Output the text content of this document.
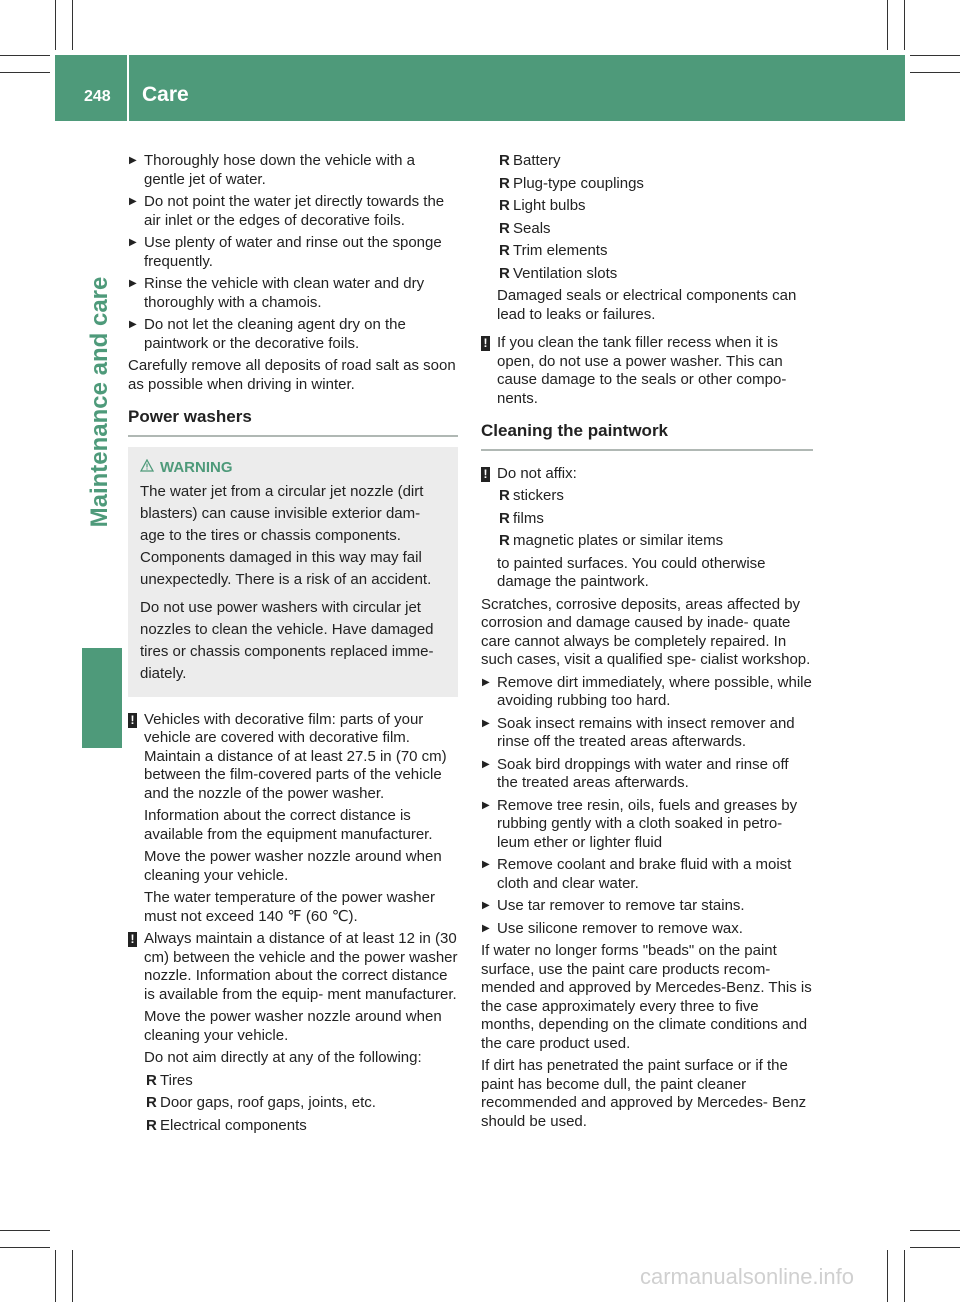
248 Care
Maintenance and care
▶ Thoroughly hose down the vehicle with a gentle jet of water.
▶ Do not point the water jet directly towards the air inlet or the edges of decorative foils.
▶ Use plenty of water and rinse out the sponge frequently.
▶ Rinse the vehicle with clean water and dry thoroughly with a chamois.
▶ Do not let the cleaning agent dry on the paintwork or the decorative foils.

Carefully remove all deposits of road salt as soon as possible when driving in winter.

Power washers
WARNING

The water jet from a circular jet nozzle (dirt blasters) can cause invisible exterior dam- age to the tires or chassis components. Components damaged in this way may fail unexpectedly. There is a risk of an accident.

Do not use power washers with circular jet nozzles to clean the vehicle. Have damaged tires or chassis components replaced imme- diately.

! Vehicles with decorative film: parts of your vehicle are covered with decorative film. Maintain a distance of at least 27.5 in (70 cm) between the film-covered parts of the vehicle and the nozzle of the power washer.

Information about the correct distance is available from the equipment manufacturer.

Move the power washer nozzle around when cleaning your vehicle.

The water temperature of the power washer must not exceed 140 ℉ (60 ℃).

! Always maintain a distance of at least 12 in (30 cm) between the vehicle and the power washer nozzle. Information about the correct distance is available from the equip- ment manufacturer.

Move the power washer nozzle around when cleaning your vehicle.

Do not aim directly at any of the following:

R Tires
R Door gaps, roof gaps, joints, etc.
R Electrical components
R Battery
R Plug-type couplings
R Light bulbs
R Seals
R Trim elements
R Ventilation slots

Damaged seals or electrical components can lead to leaks or failures.

! If you clean the tank filler recess when it is open, do not use a power washer. This can cause damage to the seals or other compo- nents.

Cleaning the paintwork
! Do not affix:

R stickers
R films
R magnetic plates or similar items

to painted surfaces. You could otherwise damage the paintwork.

Scratches, corrosive deposits, areas affected by corrosion and damage caused by inade- quate care cannot always be completely repaired. In such cases, visit a qualified spe- cialist workshop.

▶ Remove dirt immediately, where possible, while avoiding rubbing too hard.
▶ Soak insect remains with insect remover and rinse off the treated areas afterwards.
▶ Soak bird droppings with water and rinse off the treated areas afterwards.
▶ Remove tree resin, oils, fuels and greases by rubbing gently with a cloth soaked in petro- leum ether or lighter fluid
▶ Remove coolant and brake fluid with a moist cloth and clear water.
▶ Use tar remover to remove tar stains.
▶ Use silicone remover to remove wax.

If water no longer forms "beads" on the paint surface, use the paint care products recom- mended and approved by Mercedes-Benz. This is the case approximately every three to five months, depending on the climate conditions and the care product used.

If dirt has penetrated the paint surface or if the paint has become dull, the paint cleaner recommended and approved by Mercedes- Benz should be used.

carmanualsonline.info
